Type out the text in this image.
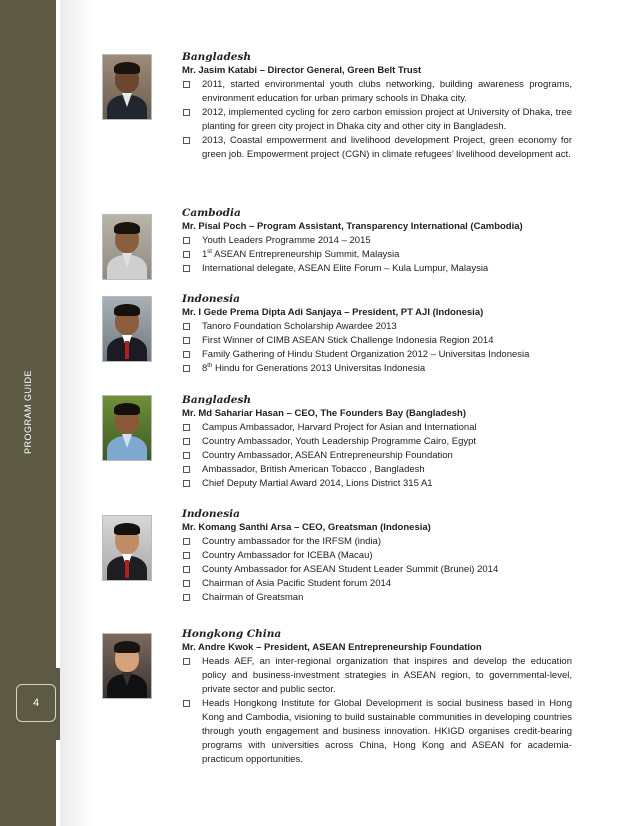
PROGRAM GUIDE
4

Bangladesh

Mr. Jasim Katabi – Director General, Green Belt Trust

2011, started environmental youth clubs networking, building awareness programs, environment education for urban primary schools in Dhaka city.
2012, implemented cycling for zero carbon emission project at University of Dhaka, tree planting for green city project in Dhaka city and other city in Bangladesh.
2013, Coastal empowerment and livelihood development Project, green economy for green job. Empowerment project (CGN) in climate refugees’ livelihood development act.

Cambodia

Mr. Pisal Poch – Program Assistant, Transparency International (Cambodia)

Youth Leaders Programme 2014 – 2015
1st ASEAN Entrepreneurship Summit, Malaysia
International delegate, ASEAN Elite Forum – Kula Lumpur, Malaysia

Indonesia

Mr. I Gede Prema Dipta Adi Sanjaya – President, PT AJI (Indonesia)

Tanoro Foundation Scholarship Awardee 2013
First Winner of CIMB ASEAN Stick Challenge Indonesia Region 2014
Family Gathering of Hindu Student Organization 2012 – Universitas Indonesia
8th Hindu for Generations 2013 Universitas Indonesia

Bangladesh

Mr. Md Sahariar Hasan – CEO, The Founders Bay (Bangladesh)

Campus Ambassador, Harvard Project for Asian and International
Country Ambassador, Youth Leadership Programme Cairo, Egypt
Country Ambassador, ASEAN Entrepreneurship Foundation
Ambassador, British American Tobacco , Bangladesh
Chief Deputy Martial Award 2014, Lions District 315 A1

Indonesia

Mr. Komang Santhi Arsa – CEO, Greatsman (Indonesia)

Country ambassador for the IRFSM (india)
Country Ambassador for ICEBA (Macau)
County Ambassador for ASEAN Student Leader Summit (Brunei) 2014
Chairman of Asia Pacific Student forum 2014
Chairman of Greatsman

Hongkong China

Mr. Andre Kwok – President, ASEAN Entrepreneurship Foundation

Heads AEF, an inter-regional organization that inspires and develop the education policy and business-investment strategies in ASEAN region, to governmental-level, private sector and public sector.
Heads Hongkong Institute for Global Development is social business based in Hong Kong and Cambodia, visioning to build sustainable communities in developing countries through youth engagement and business innovation. HKIGD organises credit-bearing programs with universities across China, Hong Kong and ASEAN for academia-practicum opportunities.
